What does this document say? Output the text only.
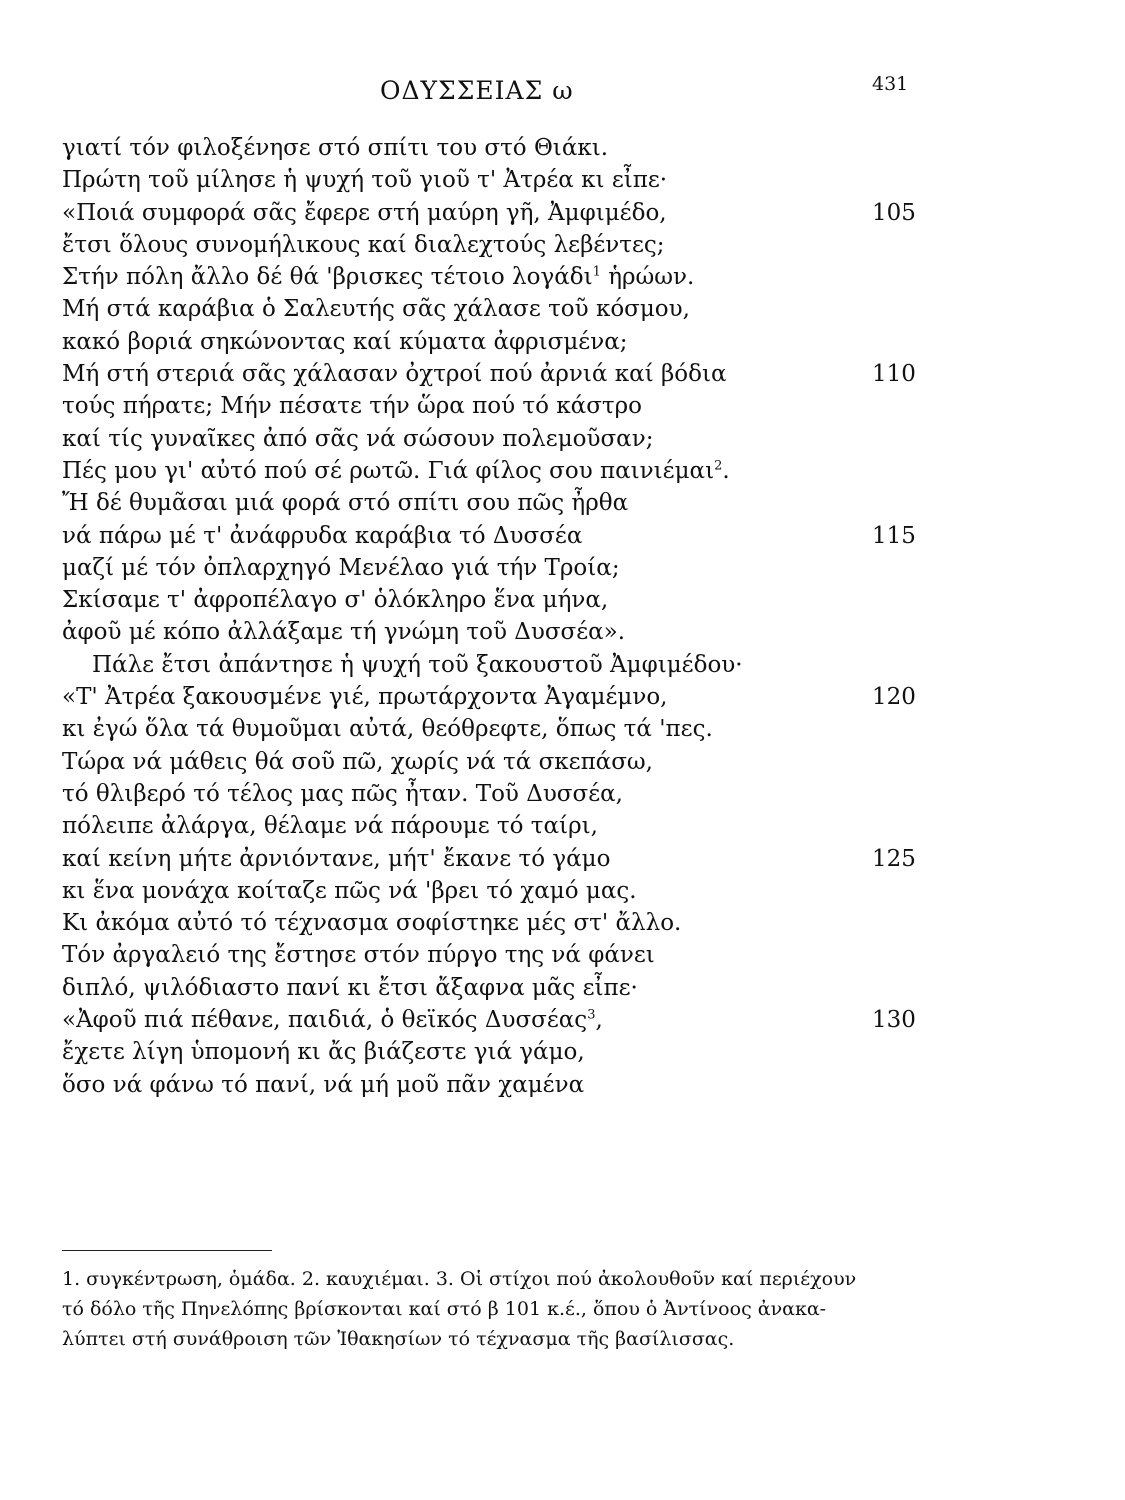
ΟΔΥΣΣΕΙΑΣ ω	431
γιατί τόν φιλοξένησε στό σπίτι του στό Θιάκι.
Πρώτη τοῦ μίλησε ἡ ψυχή τοῦ γιοῦ τ' Ἀτρέα κι εἶπε·
«Ποιά συμφορά σᾶς ἔφερε στή μαύρη γῆ, Ἀμφιμέδο,	105
ἔτσι ὅλους συνομήλικους καί διαλεχτούς λεβέντες;
Στήν πόλη ἄλλο δέ θά 'βρισκες τέτοιο λογάδι$^1$ ἡρώων.
Μή στά καράβια ὁ Σαλευτής σᾶς χάλασε τοῦ κόσμου,
κακό βοριά σηκώνοντας καί κύματα ἀφρισμένα;
Μή στή στεριά σᾶς χάλασαν ὀχτροί πού ἀρνιά καί βόδια	110
τούς πήρατε; Μήν πέσατε τήν ὥρα πού τό κάστρο
καί τίς γυναῖκες ἀπό σᾶς νά σώσουν πολεμοῦσαν;
Πές μου γι' αὐτό πού σέ ρωτῶ. Γιά φίλος σου παινιέμαι$^2$.
Ἤ δέ θυμᾶσαι μιά φορά στό σπίτι σου πῶς ἦρθα
νά πάρω μέ τ' ἀνάφρυδα καράβια τό Δυσσέα	115
μαζί μέ τόν ὀπλαρχηγό Μενέλαο γιά τήν Τροία;
Σκίσαμε τ' ἀφροπέλαγο σ' ὁλόκληρο ἕνα μήνα,
ἀφοῦ μέ κόπο ἀλλάξαμε τή γνώμη τοῦ Δυσσέα».
Πάλε ἔτσι ἀπάντησε ἡ ψυχή τοῦ ξακουστοῦ Ἀμφιμέδου·
«Τ' Ἀτρέα ξακουσμένε γιέ, πρωτάρχοντα Ἀγαμέμνο,	120
κι ἐγώ ὅλα τά θυμοῦμαι αὐτά, θεόθρεφτε, ὅπως τά 'πες.
Τώρα νά μάθεις θά σοῦ πῶ, χωρίς νά τά σκεπάσω,
τό θλιβερό τό τέλος μας πῶς ἦταν. Τοῦ Δυσσέα,
πόλειπε ἀλάργα, θέλαμε νά πάρουμε τό ταίρι,
καί κείνη μήτε ἀρνιόντανε, μήτ' ἔκανε τό γάμο	125
κι ἕνα μονάχα κοίταζε πῶς νά 'βρει τό χαμό μας.
Κι ἀκόμα αὐτό τό τέχνασμα σοφίστηκε μές στ' ἄλλο.
Τόν ἀργαλειό της ἔστησε στόν πύργο της νά φάνει
διπλό, ψιλόδιαστο πανί κι ἔτσι ἄξαφνα μᾶς εἶπε·
«Ἀφοῦ πιά πέθανε, παιδιά, ὁ θεϊκός Δυσσέας$^3$,	130
ἔχετε λίγη ὑπομονή κι ἄς βιάζεστε γιά γάμο,
ὅσο νά φάνω τό πανί, νά μή μοῦ πᾶν χαμένα
1. συγκέντρωση, ὁμάδα. 2. καυχιέμαι. 3. Οἱ στίχοι πού ἀκολουθοῦν καί περιέχουν
τό δόλο τῆς Πηνελόπης βρίσκονται καί στό β 101 κ.έ., ὅπου ὁ Ἀντίνοος ἀνακα-
λύπτει στή συνάθροιση τῶν Ἰθακησίων τό τέχνασμα τῆς βασίλισσας.
